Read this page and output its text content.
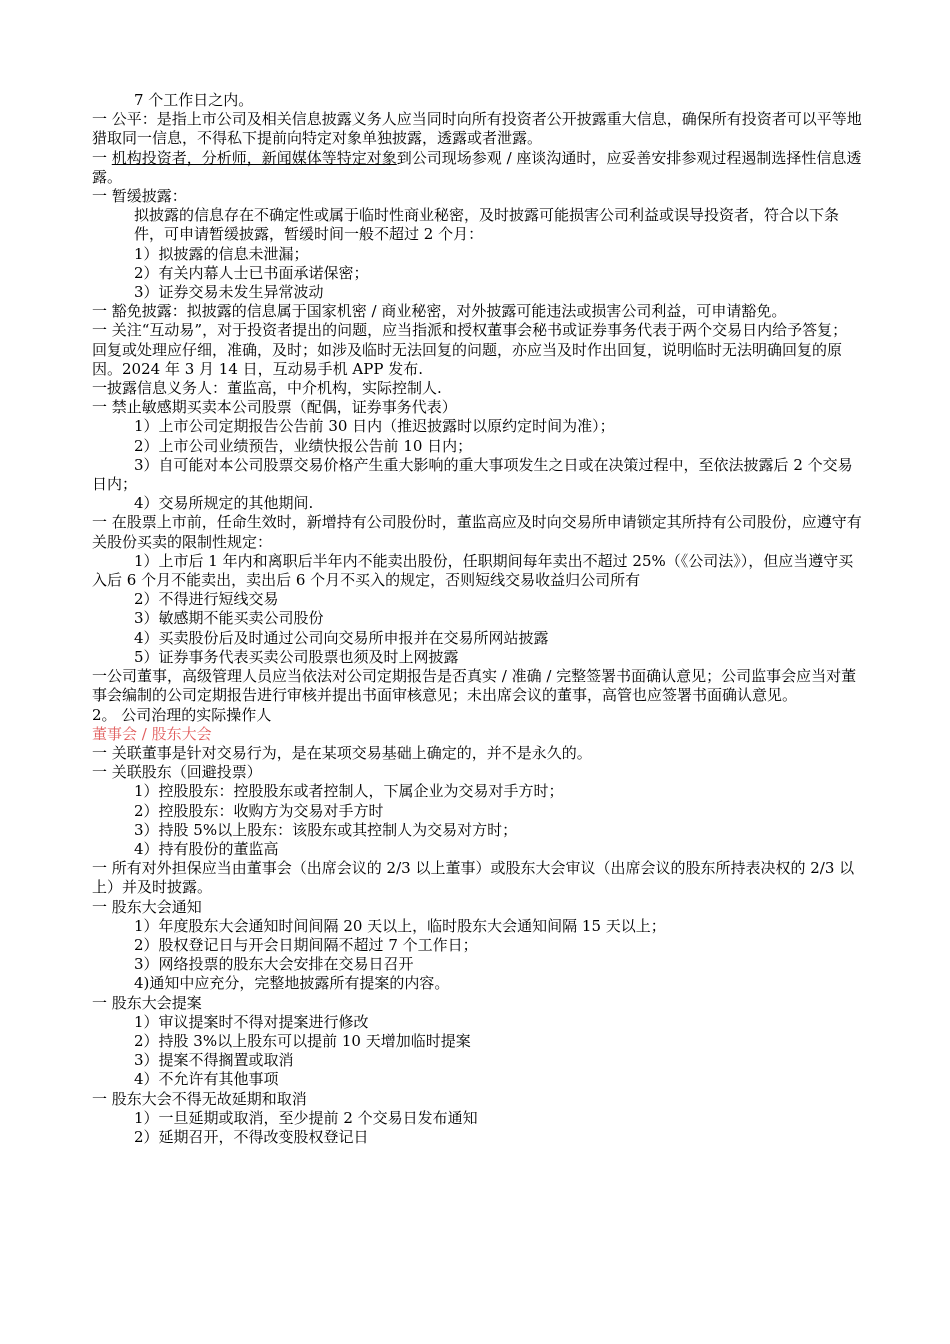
7 个工作日之内。
一 公平：是指上市公司及相关信息披露义务人应当同时向所有投资者公开披露重大信息，确保所有投资者可以平等地猎取同一信息，不得私下提前向特定对象单独披露，透露或者泄露。
一 机构投资者，分析师，新闻媒体等特定对象到公司现场参观 / 座谈沟通时，应妥善安排参观过程遏制选择性信息透露。
一 暂缓披露：
拟披露的信息存在不确定性或属于临时性商业秘密，及时披露可能损害公司利益或误导投资者，符合以下条件，可申请暂缓披露，暂缓时间一般不超过 2 个月：
1）拟披露的信息未泄漏；
2）有关内幕人士已书面承诺保密；
3）证券交易未发生异常波动
一 豁免披露：拟披露的信息属于国家机密 / 商业秘密，对外披露可能违法或损害公司利益，可申请豁免。
一 关注“互动易”，对于投资者提出的问题，应当指派和授权董事会秘书或证券事务代表于两个交易日内给予答复；回复或处理应仔细，准确，及时；如涉及临时无法回复的问题，亦应当及时作出回复，说明临时无法明确回复的原因。2024 年 3 月 14 日，互动易手机 APP 发布.
一披露信息义务人：董监高，中介机构，实际控制人.
一 禁止敏感期买卖本公司股票（配偶，证券事务代表）
1）上市公司定期报告公告前 30 日内（推迟披露时以原约定时间为准）；
2）上市公司业绩预告，业绩快报公告前 10 日内；
3）自可能对本公司股票交易价格产生重大影响的重大事项发生之日或在决策过程中，至依法披露后 2 个交易日内；
4）交易所规定的其他期间.
一 在股票上市前，任命生效时，新增持有公司股份时，董监高应及时向交易所申请锁定其所持有公司股份，应遵守有关股份买卖的限制性规定：
1）上市后 1 年内和离职后半年内不能卖出股份，任职期间每年卖出不超过 25%（《公司法》），但应当遵守买入后 6 个月不能卖出，卖出后 6 个月不买入的规定，否则短线交易收益归公司所有
2）不得进行短线交易
3）敏感期不能买卖公司股份
4）买卖股份后及时通过公司向交易所申报并在交易所网站披露
5）证券事务代表买卖公司股票也须及时上网披露
一公司董事，高级管理人员应当依法对公司定期报告是否真实 / 准确 / 完整签署书面确认意见；公司监事会应当对董事会编制的公司定期报告进行审核并提出书面审核意见；未出席会议的董事，高管也应签署书面确认意见。
2。 公司治理的实际操作人
董事会 / 股东大会
一 关联董事是针对交易行为，是在某项交易基础上确定的，并不是永久的。
一 关联股东（回避投票）
1）控股股东：控股股东或者控制人，下属企业为交易对手方时；
2）控股股东：收购方为交易对手方时
3）持股 5%以上股东：该股东或其控制人为交易对方时；
4）持有股份的董监高
一 所有对外担保应当由董事会（出席会议的 2/3 以上董事）或股东大会审议（出席会议的股东所持表决权的 2/3 以上）并及时披露。
一 股东大会通知
1）年度股东大会通知时间间隔 20 天以上，临时股东大会通知间隔 15 天以上；
2）股权登记日与开会日期间隔不超过 7 个工作日；
3）网络投票的股东大会安排在交易日召开
4)通知中应充分，完整地披露所有提案的内容。
一 股东大会提案
1）审议提案时不得对提案进行修改
2）持股 3%以上股东可以提前 10 天增加临时提案
3）提案不得搁置或取消
4）不允许有其他事项
一 股东大会不得无故延期和取消
1）一旦延期或取消，至少提前 2 个交易日发布通知
2）延期召开，不得改变股权登记日
